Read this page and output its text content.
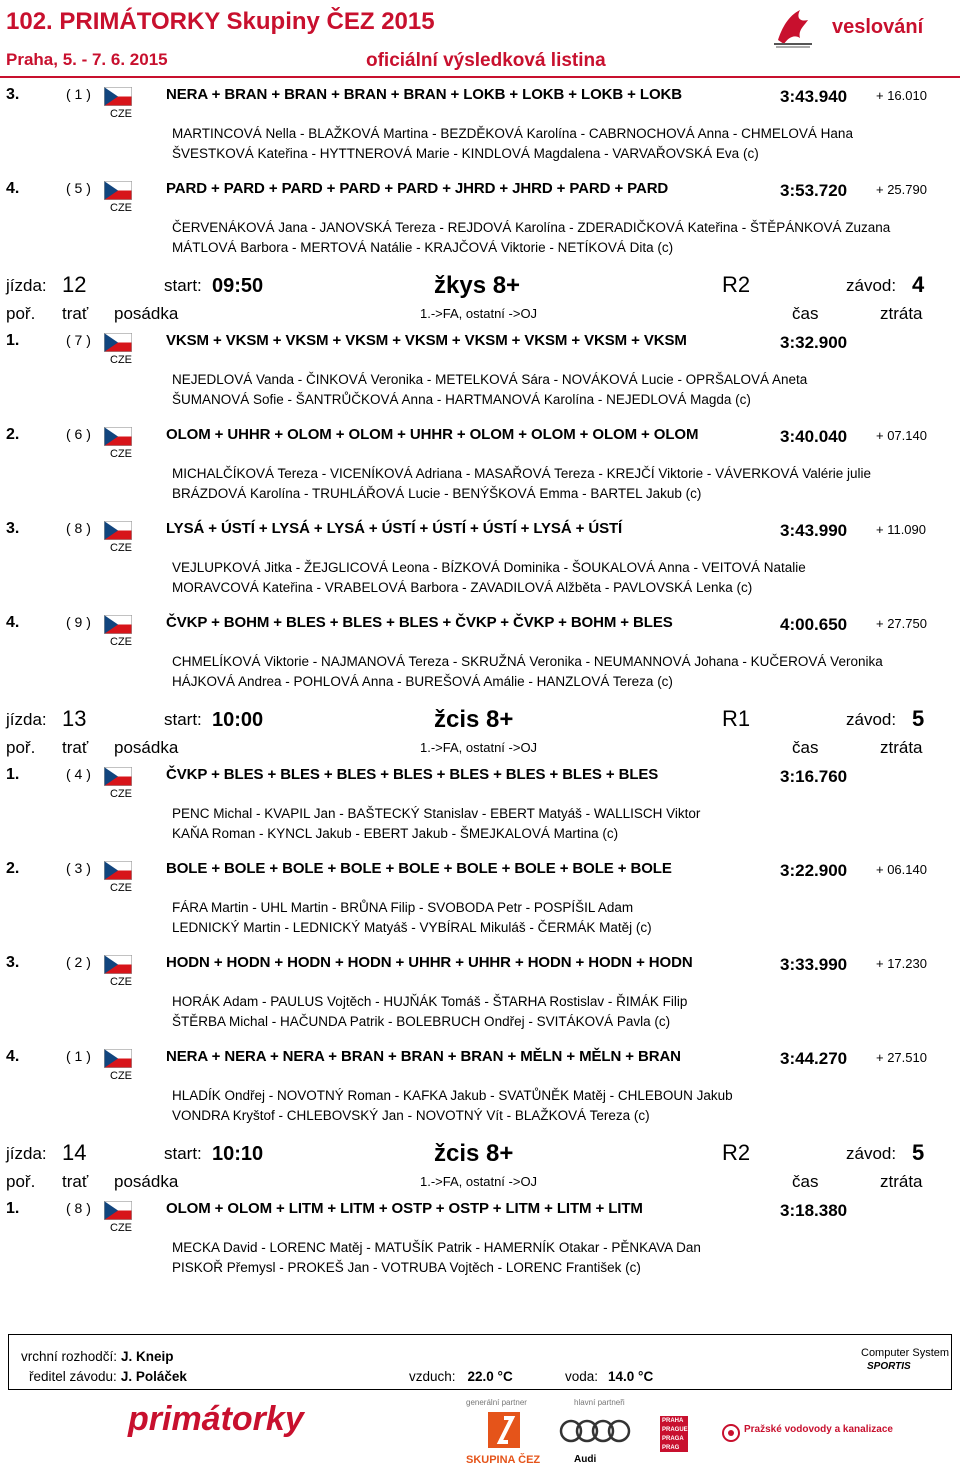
102. PRIMÁTORKY Skupiny ČEZ 2015
Praha, 5. - 7. 6. 2015	oficiální výsledková listina
veslování
3.	( 1 )
CZE
NERA + BRAN + BRAN + BRAN + BRAN + LOKB + LOKB + LOKB + LOKB	3:43.940 + 16.010
MARTINCOVÁ Nella - BLAŽKOVÁ Martina - BEZDĚKOVÁ Karolína - CABRNOCHOVÁ Anna - CHMELOVÁ Hana
ŠVESTKOVÁ Kateřina - HYTTNEROVÁ Marie - KINDLOVÁ Magdalena - VARVAŘOVSKÁ Eva (c)
4.	( 5 )
CZE
PARD + PARD + PARD + PARD + PARD + JHRD + JHRD + PARD + PARD	3:53.720 + 25.790
ČERVENÁKOVÁ Jana - JANOVSKÁ Tereza - REJDOVÁ Karolína - ZDERADIČKOVÁ Kateřina - ŠTĚPÁNKOVÁ Zuzana
MÁTLOVÁ Barbora - MERTOVÁ Natálie - KRAJČOVÁ Viktorie - NETÍKOVÁ Dita (c)
jízda: 12	start: 09:50	žkys 8+	R2	závod: 4
poř. trať posádka	1.->FA, ostatní ->OJ	čas	ztráta
1.	( 7 )
CZE
VKSM + VKSM + VKSM + VKSM + VKSM + VKSM + VKSM + VKSM + VKSM	3:32.900
NEJEDLOVÁ Vanda - ČINKOVÁ Veronika - METELKOVÁ Sára - NOVÁKOVÁ Lucie - OPRŠALOVÁ Aneta
ŠUMANOVÁ Sofie - ŠANTRŮČKOVÁ Anna - HARTMANOVÁ Karolína - NEJEDLOVÁ Magda (c)
2.	( 6 )
CZE
OLOM + UHHR + OLOM + OLOM + UHHR + OLOM + OLOM + OLOM + OLOM	3:40.040 + 07.140
MICHALČÍKOVÁ Tereza - VICENÍKOVÁ Adriana - MASAŘOVÁ Tereza - KREJČÍ Viktorie - VÁVERKOVÁ Valérie julie
BRÁZDOVÁ Karolína - TRUHLÁŘOVÁ Lucie - BENÝŠKOVÁ Emma - BARTEL Jakub (c)
3.	( 8 )
CZE
LYSÁ + ÚSTÍ + LYSÁ + LYSÁ + ÚSTÍ + ÚSTÍ + ÚSTÍ + LYSÁ + ÚSTÍ	3:43.990 + 11.090
VEJLUPKOVÁ Jitka - ŽEJGLICOVÁ Leona - BÍZKOVÁ Dominika - ŠOUKALOVÁ Anna - VEITOVÁ Natalie
MORAVCOVÁ Kateřina - VRABELOVÁ Barbora - ZAVADILOVÁ Alžběta - PAVLOVSKÁ Lenka (c)
4.	( 9 )
CZE
ČVKP + BOHM + BLES + BLES + BLES + ČVKP + ČVKP + BOHM + BLES	4:00.650 + 27.750
CHMELÍKOVÁ Viktorie - NAJMANOVÁ Tereza - SKRUŽNÁ Veronika - NEUMANNOVÁ Johana - KUČEROVÁ Veronika
HÁJKOVÁ Andrea - POHLOVÁ Anna - BUREŠOVÁ Amálie - HANZLOVÁ Tereza (c)
jízda: 13	start: 10:00	žcis 8+	R1	závod: 5
poř. trať posádka	1.->FA, ostatní ->OJ	čas	ztráta
1.	( 4 )
CZE
ČVKP + BLES + BLES + BLES + BLES + BLES + BLES + BLES + BLES	3:16.760
PENC Michal - KVAPIL Jan - BAŠTECKÝ Stanislav - EBERT Matyáš - WALLISCH Viktor
KAŇA Roman - KYNCL Jakub - EBERT Jakub - ŠMEJKALOVÁ Martina (c)
2.	( 3 )
CZE
BOLE + BOLE + BOLE + BOLE + BOLE + BOLE + BOLE + BOLE + BOLE	3:22.900 + 06.140
FÁRA Martin - UHL Martin - BRŮNA Filip - SVOBODA Petr - POSPÍŠIL Adam
LEDNICKÝ Martin - LEDNICKÝ Matyáš - VYBÍRAL Mikuláš - ČERMÁK Matěj (c)
3.	( 2 )
CZE
HODN + HODN + HODN + HODN + UHHR + UHHR + HODN + HODN + HODN	3:33.990 + 17.230
HORÁK Adam - PAULUS Vojtěch - HUJŇÁK Tomáš - ŠTARHA Rostislav - ŘIMÁK Filip
ŠTĚRBA Michal - HAČUNDA Patrik - BOLEBRUCH Ondřej - SVITÁKOVÁ Pavla (c)
4.	( 1 )
CZE
NERA + NERA + NERA + BRAN + BRAN + BRAN + MĚLN + MĚLN + BRAN	3:44.270 + 27.510
HLADÍK Ondřej - NOVOTNÝ Roman - KAFKA Jakub - SVATŮNĚK Matěj - CHLEBOUN Jakub
VONDRA Kryštof - CHLEBOVSKÝ Jan - NOVOTNÝ Vít - BLAŽKOVÁ Tereza (c)
jízda: 14	start: 10:10	žcis 8+	R2	závod: 5
poř. trať posádka	1.->FA, ostatní ->OJ	čas	ztráta
1.	( 8 )
CZE
OLOM + OLOM + LITM + LITM + OSTP + OSTP + LITM + LITM + LITM	3:18.380
MECKA David - LORENC Matěj - MATUŠÍK Patrik - HAMERNÍK Otakar - PĚNKAVA Dan
PISKOŘ Přemysl - PROKEŠ Jan - VOTRUBA Vojtěch - LORENC František (c)
vrchní rozhodčí: J. Kneip
ředitel závodu: J. Poláček	vzduch: 22.0 °C	voda: 14.0 °C
Computer System
SPORTIS
primátorky	generální partner
SKUPINA ČEZ
hlavní partneři
Audi
PRAHA PRAGUE PRAGA PRAG
Pražské vodovody a kanalizace
